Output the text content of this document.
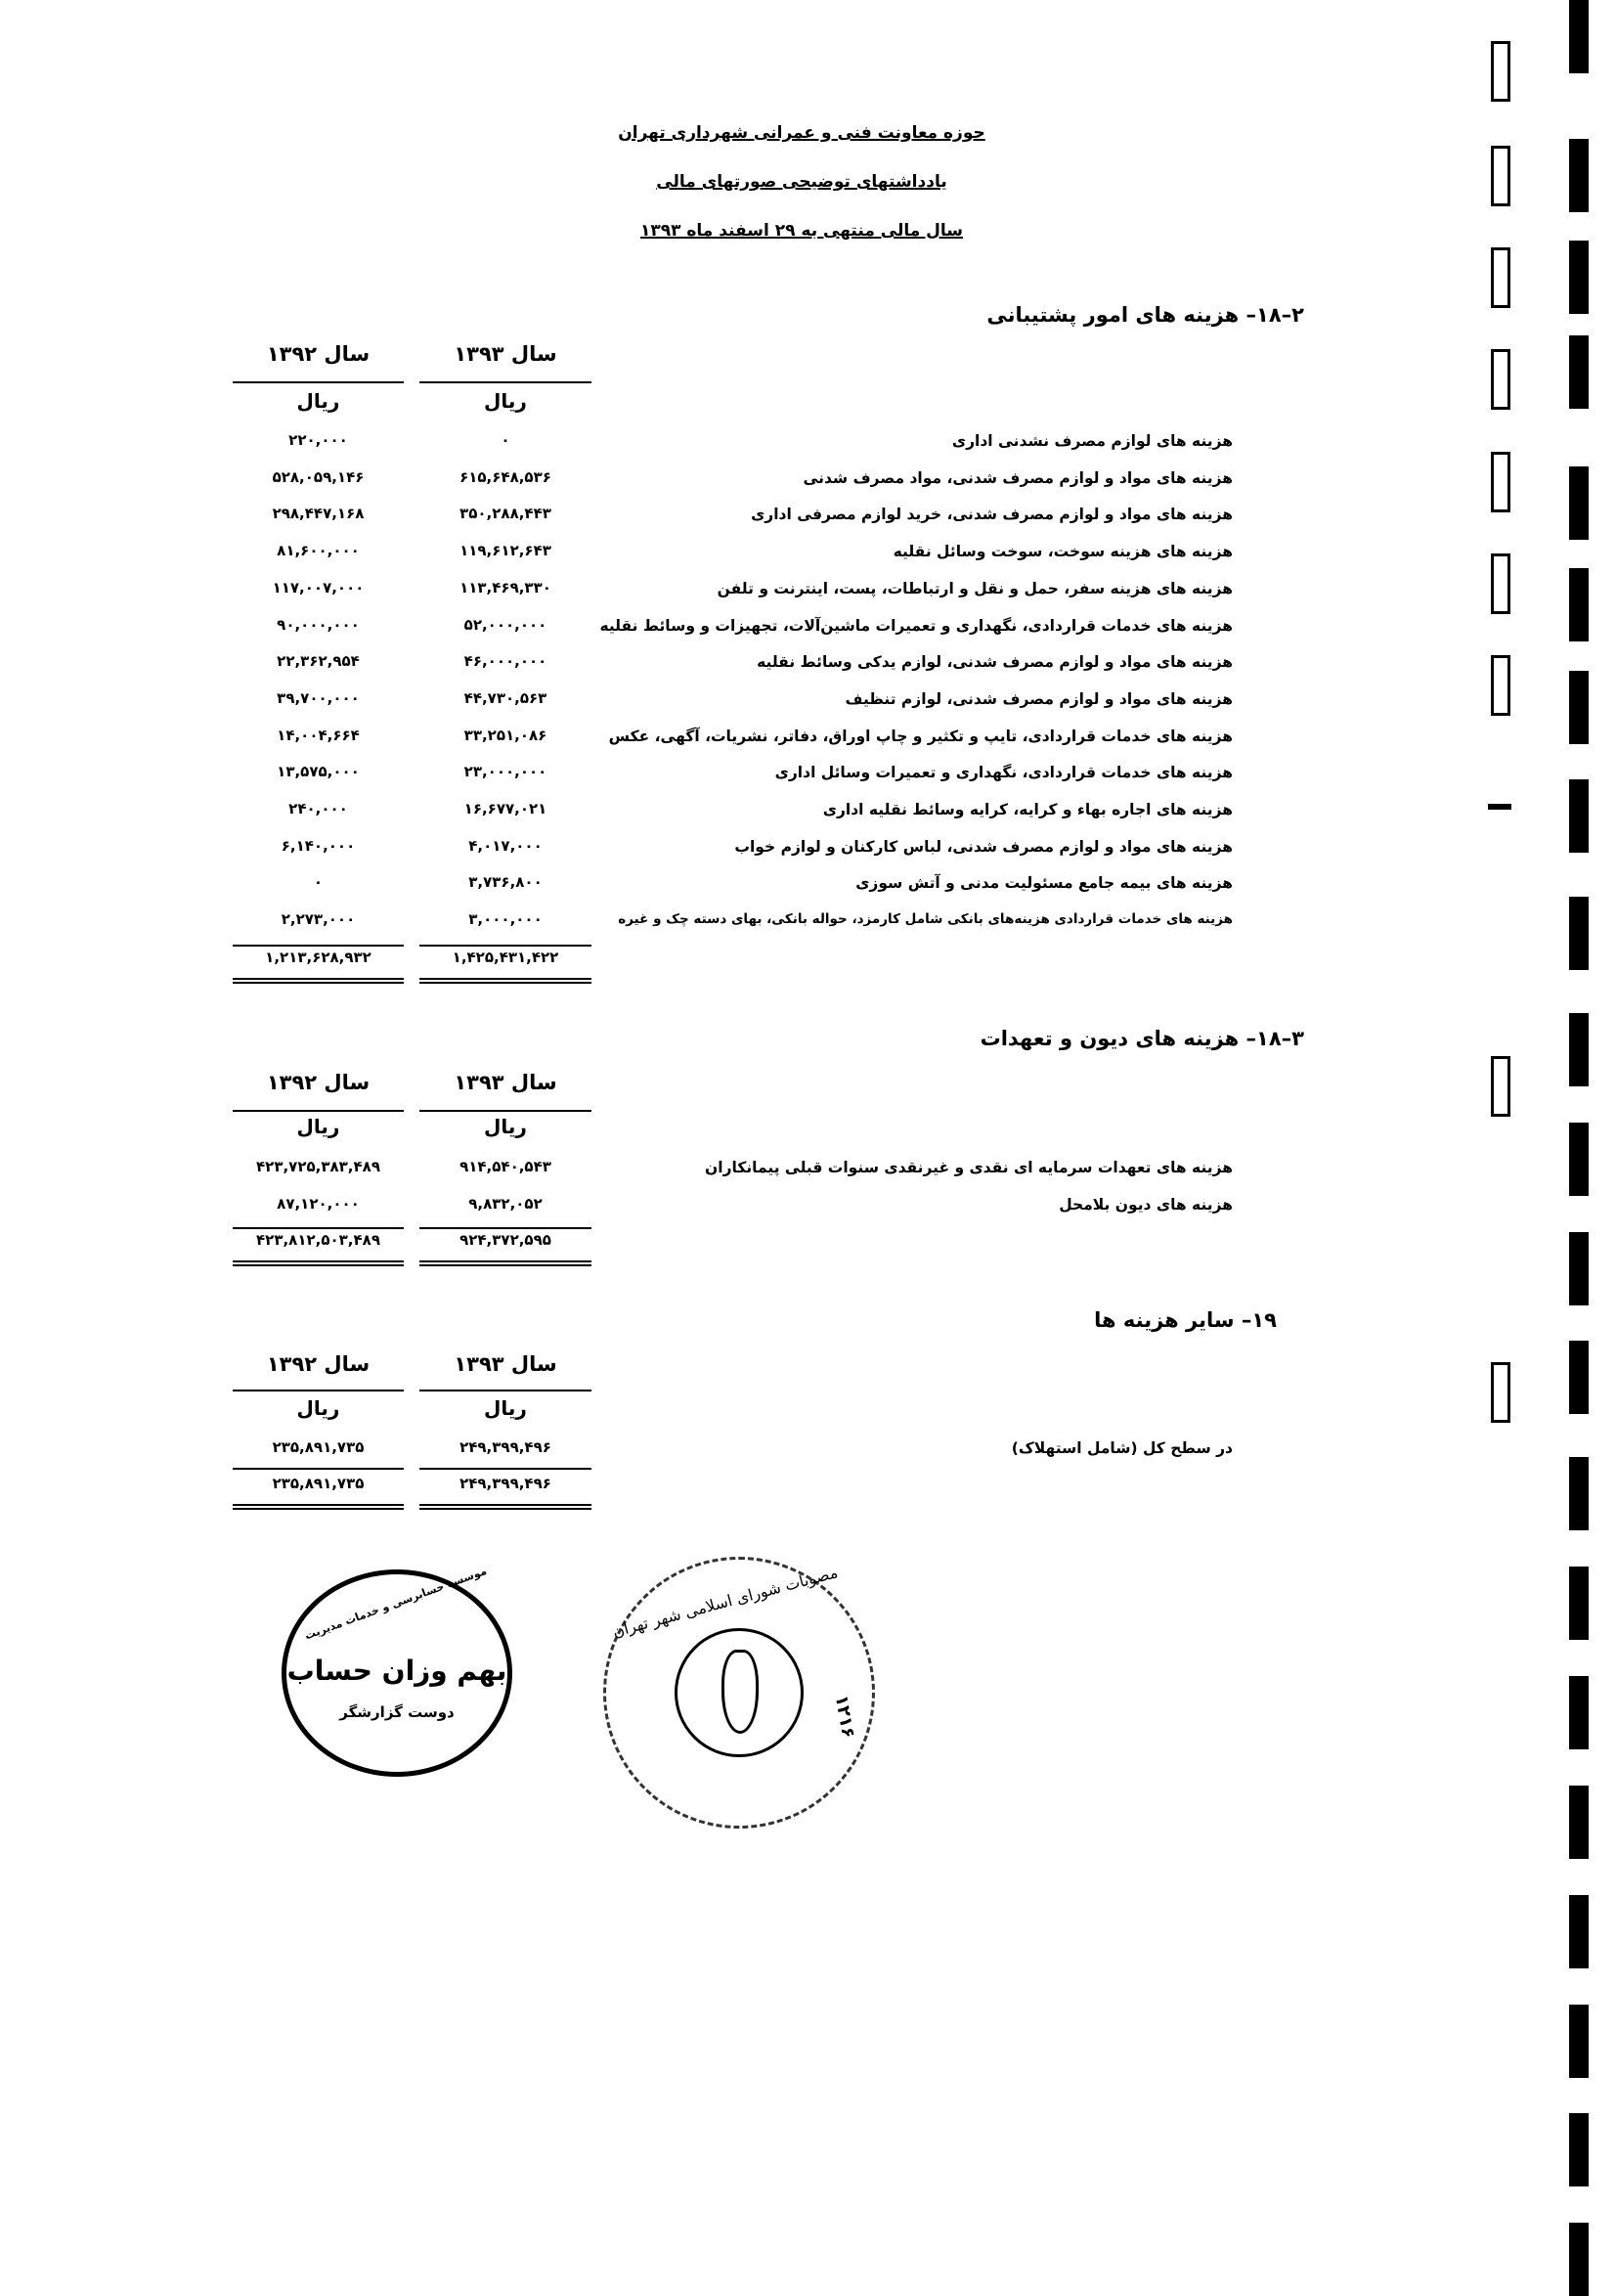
حوزه معاونت فنی و عمرانی شهرداری تهران
یادداشتهای توضیحی صورتهای مالی
سال مالی منتهی به ۲۹ اسفند ماه ۱۳۹۳
۲–۱۸– هزینه های امور پشتیبانی
سال ۱۳۹۳
سال ۱۳۹۲
ریال
ریال
هزینه های لوازم مصرف نشدنی اداری
۰
۲۲۰,۰۰۰
هزینه های مواد و لوازم مصرف شدنی، مواد مصرف شدنی
۶۱۵,۶۴۸,۵۳۶
۵۲۸,۰۵۹,۱۴۶
هزینه های مواد و لوازم مصرف شدنی، خرید لوازم مصرفی اداری
۳۵۰,۲۸۸,۴۴۳
۲۹۸,۴۴۷,۱۶۸
هزینه های هزینه سوخت، سوخت وسائل نقلیه
۱۱۹,۶۱۲,۶۴۳
۸۱,۶۰۰,۰۰۰
هزینه های هزینه سفر، حمل و نقل و ارتباطات، پست، اینترنت و تلفن
۱۱۳,۴۶۹,۳۳۰
۱۱۷,۰۰۷,۰۰۰
هزینه های خدمات قراردادی، نگهداری و تعمیرات ماشین‌آلات، تجهیزات و وسائط نقلیه
۵۲,۰۰۰,۰۰۰
۹۰,۰۰۰,۰۰۰
هزینه های مواد و لوازم مصرف شدنی، لوازم یدکی وسائط نقلیه
۴۶,۰۰۰,۰۰۰
۲۲,۳۶۲,۹۵۴
هزینه های مواد و لوازم مصرف شدنی، لوازم تنظیف
۴۴,۷۳۰,۵۶۳
۳۹,۷۰۰,۰۰۰
هزینه های خدمات قراردادی، تایپ و تکثیر و چاپ اوراق، دفاتر، نشریات، آگهی، عکس
۳۳,۲۵۱,۰۸۶
۱۴,۰۰۴,۶۶۴
هزینه های خدمات قراردادی، نگهداری و تعمیرات وسائل اداری
۲۳,۰۰۰,۰۰۰
۱۳,۵۷۵,۰۰۰
هزینه های اجاره بهاء و کرایه، کرایه وسائط نقلیه اداری
۱۶,۶۷۷,۰۲۱
۲۴۰,۰۰۰
هزینه های مواد و لوازم مصرف شدنی، لباس کارکنان و لوازم خواب
۴,۰۱۷,۰۰۰
۶,۱۴۰,۰۰۰
هزینه های بیمه جامع مسئولیت مدنی و آتش سوزی
۳,۷۳۶,۸۰۰
۰
هزینه های خدمات قراردادی هزینه‌های بانکی شامل کارمزد، حواله بانکی، بهای دسته چک و غیره
۳,۰۰۰,۰۰۰
۲,۲۷۳,۰۰۰
۱,۴۲۵,۴۳۱,۴۲۲
۱,۲۱۳,۶۲۸,۹۳۲
۳–۱۸– هزینه های دیون و تعهدات
سال ۱۳۹۳
سال ۱۳۹۲
ریال
ریال
هزینه های تعهدات سرمایه ای نقدی و غیرنقدی سنوات قبلی پیمانکاران
۹۱۴,۵۴۰,۵۴۳
۴۲۳,۷۲۵,۳۸۳,۴۸۹
هزینه های دیون بلامحل
۹,۸۳۲,۰۵۲
۸۷,۱۲۰,۰۰۰
۹۲۴,۳۷۲,۵۹۵
۴۲۳,۸۱۲,۵۰۳,۴۸۹
۱۹– سایر هزینه ها
سال ۱۳۹۳
سال ۱۳۹۲
ریال
ریال
در سطح کل (شامل استهلاک)
۲۴۹,۳۹۹,۴۹۶
۲۳۵,۸۹۱,۷۳۵
۲۴۹,۳۹۹,۴۹۶
۲۳۵,۸۹۱,۷۳۵
موسسه حسابرسی و خدمات مدیریت
بهم وزان حساب
دوست گزارشگر
مصوبات شورای اسلامی شهر تهران
۱۲۱۶
